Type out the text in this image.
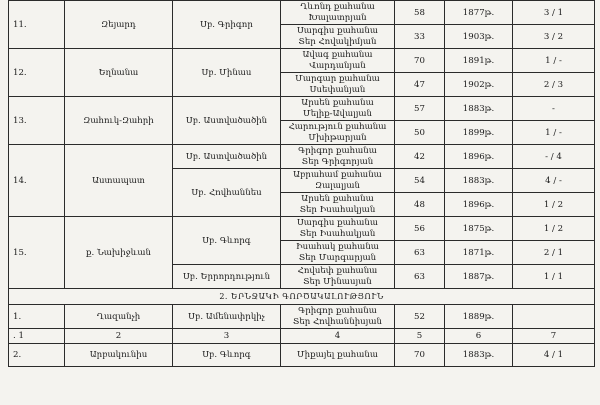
11.	Զեյարդ	Սբ. Գրիգոր	Ղևոնդ քահանա
Խալատրյան	58	1877թ.	3 / 1

			Սարգիս քահանա
Տեր Հովակիմյան	33	1903թ.	3 / 2
12.	Եղնանա	Սբ. Մինաս	Ավագ քահանա
Վարդանյան	70	1891թ.	1 / -

			Մարգար քահանա
Սսեփանյան	47	1902թ.	2 / 3
13.	Զահուկ-Զահրի	Սբ. Աստվածածին	Արսեն քահանա
Մելիք-Ավալյան	57	1883թ.	-

			Հարություն քահանա
Մխիթարյան	50	1899թ.	1 / -
14.	Աստապատ	Սբ. Աստվածածին	Գրիգոր քահանա
Տեր Գրիգորյան	42	1896թ.	- / 4
		Սբ. Հովհաննես	Աբրահամ քահանա
Զալալյան	54	1883թ.	4 / -

			Արսեն քահանա
Տեր Իսահակյան	48	1896թ.	1 / 2
15.	ք. Նախիջևան	Սբ. Գևորգ	Սարգիս քահանա
Տեր Իսահակյան	56	1875թ.	1 / 2

			Իսահակ քահանա
Տեր Մարգարյան	63	1871թ.	2 / 1
		Սբ. Երրորդություն	Հովսեփ քահանա
Տեր Մինասյան	63	1887թ.	1 / 1
2. ԵՐՆՋԱԿԻ ԳՈՐԾԱԿԱԼՈՒԹՅՈՒՆ						
1.	Ղազանչի	Սբ. Ամենափրկիչ	Գրիգոր քահանա
Տեր Հովհաննիսյան	52	1889թ.	
. 1	2	3	4	5	6	7
2.	Արբակունիս	Սբ. Գևորգ	Միքայել քահանա	70	1883թ.	4 / 1
